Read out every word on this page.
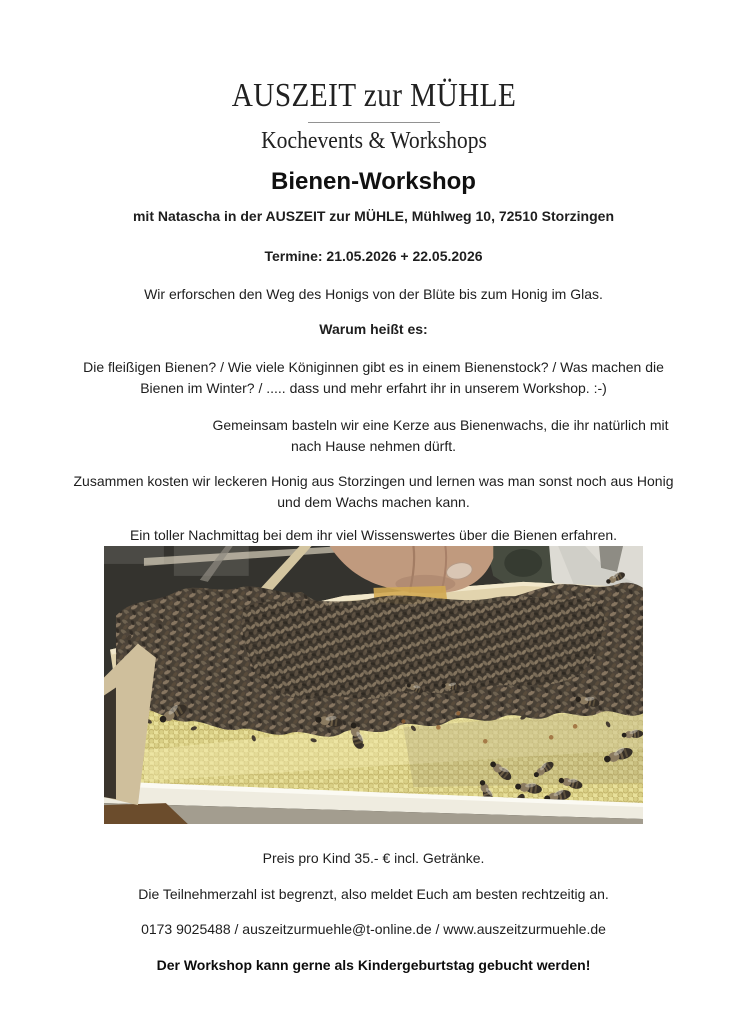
AUSZEIT zur MÜHLE
Kochevents & Workshops
Bienen-Workshop

mit Natascha in der AUSZEIT zur MÜHLE, Mühlweg 10, 72510 Storzingen

Termine: 21.05.2026 + 22.05.2026

Wir erforschen den Weg des Honigs von der Blüte bis zum Honig im Glas.

Warum heißt es:

Die fleißigen Bienen? / Wie viele Königinnen gibt es in einem Bienenstock? / Was machen die
Bienen im Winter? / ..... dass und mehr erfahrt ihr in unserem Workshop. :-)

Gemeinsam basteln wir eine Kerze aus Bienenwachs, die ihr natürlich mit
nach Hause nehmen dürft.

Zusammen kosten wir leckeren Honig aus Storzingen und lernen was man sonst noch aus Honig
und dem Wachs machen kann.

Ein toller Nachmittag bei dem ihr viel Wissenswertes über die Bienen erfahren.

Preis pro Kind 35.- € incl. Getränke.

Die Teilnehmerzahl ist begrenzt, also meldet Euch am besten rechtzeitig an.

0173 9025488 / auszeitzurmuehle@t-online.de / www.auszeitzurmuehle.de

Der Workshop kann gerne als Kindergeburtstag gebucht werden!
